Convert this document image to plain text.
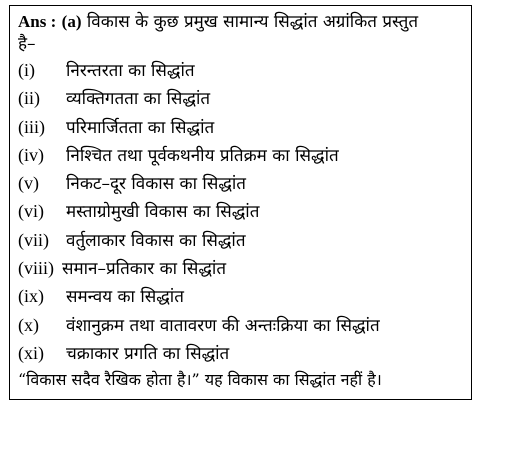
Ans : (a) विकास के कुछ प्रमुख सामान्य सिद्धांत अग्रांकित प्रस्तुत

है–

(i)	निरन्तरता का सिद्धांत
(ii)	व्यक्तिगतता का सिद्धांत
(iii)	परिमार्जितता का सिद्धांत
(iv)	निश्चित तथा पूर्वकथनीय प्रतिक्रम का सिद्धांत
(v)	निकट–दूर विकास का सिद्धांत
(vi)	मस्ताग्रोमुखी विकास का सिद्धांत
(vii)	वर्तुलाकार विकास का सिद्धांत
(viii) समान–प्रतिकार का सिद्धांत
(ix)	समन्वय का सिद्धांत
(x)	वंशानुक्रम तथा वातावरण की अन्तःक्रिया का सिद्धांत
(xi)	चक्राकार प्रगति का सिद्धांत
“विकास सदैव रैखिक होता है।” यह विकास का सिद्धांत नहीं है।
